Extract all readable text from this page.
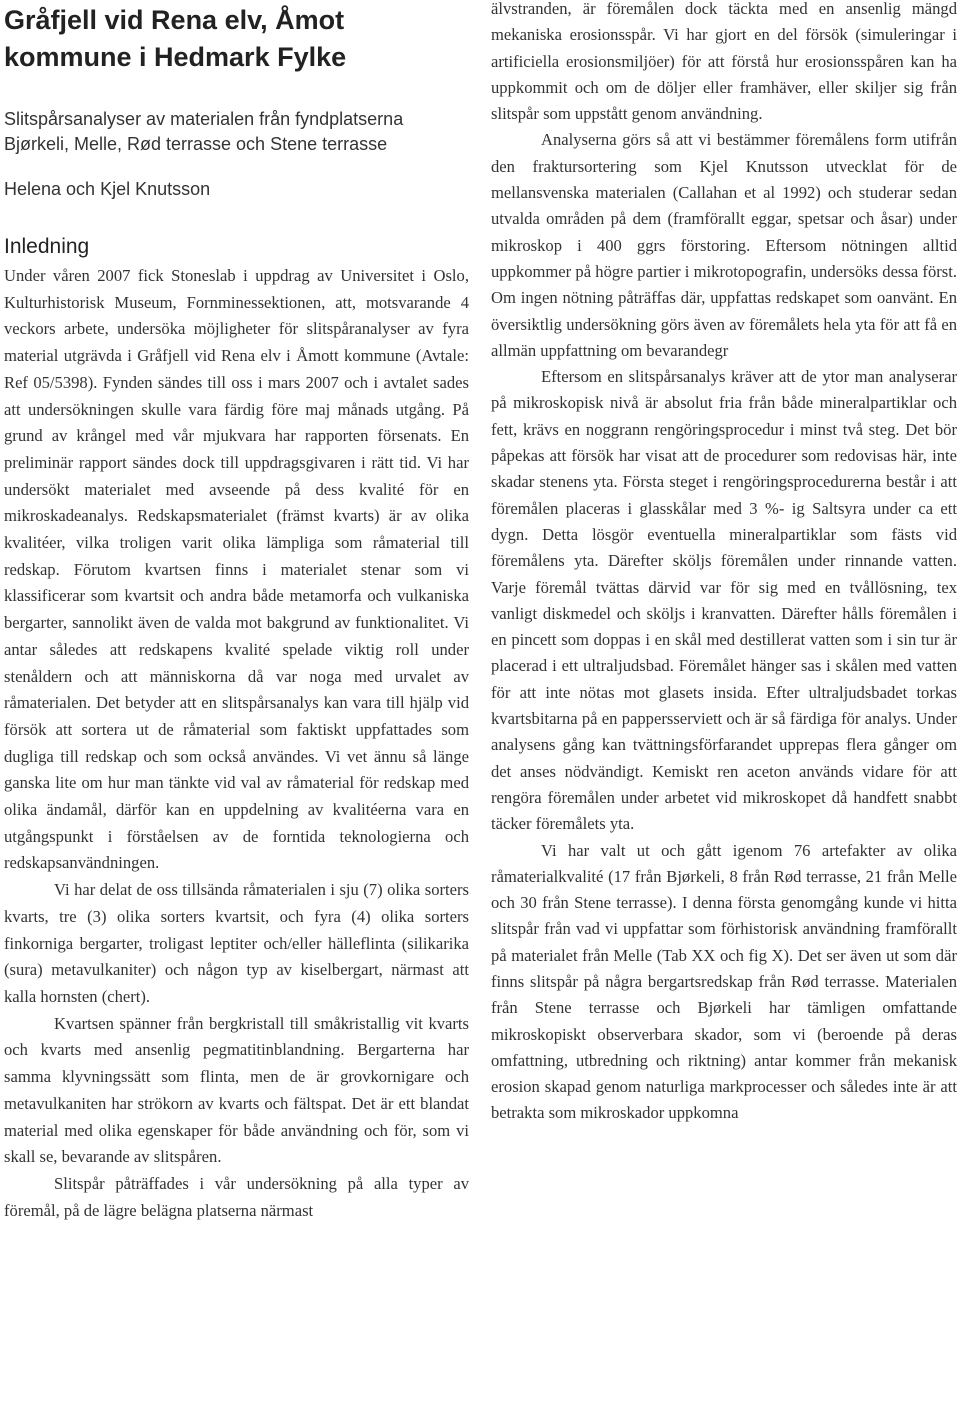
Gråfjell vid Rena elv, Åmot kommune i Hedmark Fylke
Slitspårsanalyser av materialen från fyndplatserna Bjørkeli, Melle, Rød terrasse och Stene terrasse
Helena och Kjel Knutsson
Inledning

Under våren 2007 fick Stoneslab i uppdrag av Universitet i Oslo, Kulturhistorisk Museum, Fornminessektionen, att, motsvarande 4 veckors arbete, undersöka möjligheter för slitspåranalyser av fyra material utgrävda i Gråfjell vid Rena elv i Åmott kommune (Avtale: Ref 05/5398). Fynden sändes till oss i mars 2007 och i avtalet sades att undersökningen skulle vara färdig före maj månads utgång. På grund av krångel med vår mjukvara har rapporten försenats. En preliminär rapport sändes dock till uppdragsgivaren i rätt tid. Vi har undersökt materialet med avseende på dess kvalité för en mikroskadeanalys. Redskapsmaterialet (främst kvarts) är av olika kvalitéer, vilka troligen varit olika lämpliga som råmaterial till redskap. Förutom kvartsen finns i materialet stenar som vi klassificerar som kvartsit och andra både metamorfa och vulkaniska bergarter, sannolikt även de valda mot bakgrund av funktionalitet. Vi antar således att redskapens kvalité spelade viktig roll under stenåldern och att människorna då var noga med urvalet av råmaterialen. Det betyder att en slitspårsanalys kan vara till hjälp vid försök att sortera ut de råmaterial som faktiskt uppfattades som dugliga till redskap och som också användes. Vi vet ännu så länge ganska lite om hur man tänkte vid val av råmaterial för redskap med olika ändamål, därför kan en uppdelning av kvalitéerna vara en utgångspunkt i förståelsen av de forntida teknologierna och redskapsanvändningen.

Vi har delat de oss tillsända råmaterialen i sju (7) olika sorters kvarts, tre (3) olika sorters kvartsit, och fyra (4) olika sorters finkorniga bergarter, troligast leptiter och/eller hälleflinta (silikarika (sura) metavulkaniter) och någon typ av kiselbergart, närmast att kalla hornsten (chert).

Kvartsen spänner från bergkristall till småkristallig vit kvarts och kvarts med ansenlig pegmatitinblandning. Bergarterna har samma klyvningssätt som flinta, men de är grovkornigare och metavulkaniten har strökorn av kvarts och fältspat. Det är ett blandat material med olika egenskaper för både användning och för, som vi skall se, bevarande av slitspåren.

Slitspår påträffades i vår undersökning på alla typer av föremål, på de lägre belägna platserna närmast

älvstranden, är föremålen dock täckta med en ansenlig mängd mekaniska erosionsspår. Vi har gjort en del försök (simuleringar i artificiella erosionsmiljöer) för att förstå hur erosionsspåren kan ha uppkommit och om de döljer eller framhäver, eller skiljer sig från slitspår som uppstått genom användning.

Analyserna görs så att vi bestämmer föremålens form utifrån den fraktursortering som Kjel Knutsson utvecklat för de mellansvenska materialen (Callahan et al 1992) och studerar sedan utvalda områden på dem (framförallt eggar, spetsar och åsar) under mikroskop i 400 ggrs förstoring. Eftersom nötningen alltid uppkommer på högre partier i mikrotopografin, undersöks dessa först. Om ingen nötning påträffas där, uppfattas redskapet som oanvänt. En översiktlig undersökning görs även av föremålets hela yta för att få en allmän uppfattning om bevarandegr

Eftersom en slitspårsanalys kräver att de ytor man analyserar på mikroskopisk nivå är absolut fria från både mineralpartiklar och fett, krävs en noggrann rengöringsprocedur i minst två steg. Det bör påpekas att försök har visat att de procedurer som redovisas här, inte skadar stenens yta. Första steget i rengöringsprocedurerna består i att föremålen placeras i glasskålar med 3 %- ig Saltsyra under ca ett dygn. Detta lösgör eventuella mineralpartiklar som fästs vid föremålens yta. Därefter sköljs föremålen under rinnande vatten. Varje föremål tvättas därvid var för sig med en tvållösning, tex vanligt diskmedel och sköljs i kranvatten. Därefter hålls föremålen i en pincett som doppas i en skål med destillerat vatten som i sin tur är placerad i ett ultraljudsbad. Föremålet hänger sas i skålen med vatten för att inte nötas mot glasets insida. Efter ultraljudsbadet torkas kvartsbitarna på en pappersserviett och är så färdiga för analys. Under analysens gång kan tvättningsförfarandet upprepas flera gånger om det anses nödvändigt. Kemiskt ren aceton används vidare för att rengöra föremålen under arbetet vid mikroskopet då handfett snabbt täcker föremålets yta.

Vi har valt ut och gått igenom 76 artefakter av olika råmaterialkvalité (17 från Bjørkeli, 8 från Rød terrasse, 21 från Melle och 30 från Stene terrasse). I denna första genomgång kunde vi hitta slitspår från vad vi uppfattar som förhistorisk användning framförallt på materialet från Melle (Tab XX och fig X). Det ser även ut som där finns slitspår på några bergartsredskap från Rød terrasse. Materialen från Stene terrasse och Bjørkeli har tämligen omfattande mikroskopiskt observerbara skador, som vi (beroende på deras omfattning, utbredning och riktning) antar kommer från mekanisk erosion skapad genom naturliga markprocesser och således inte är att betrakta som mikroskador uppkomna
